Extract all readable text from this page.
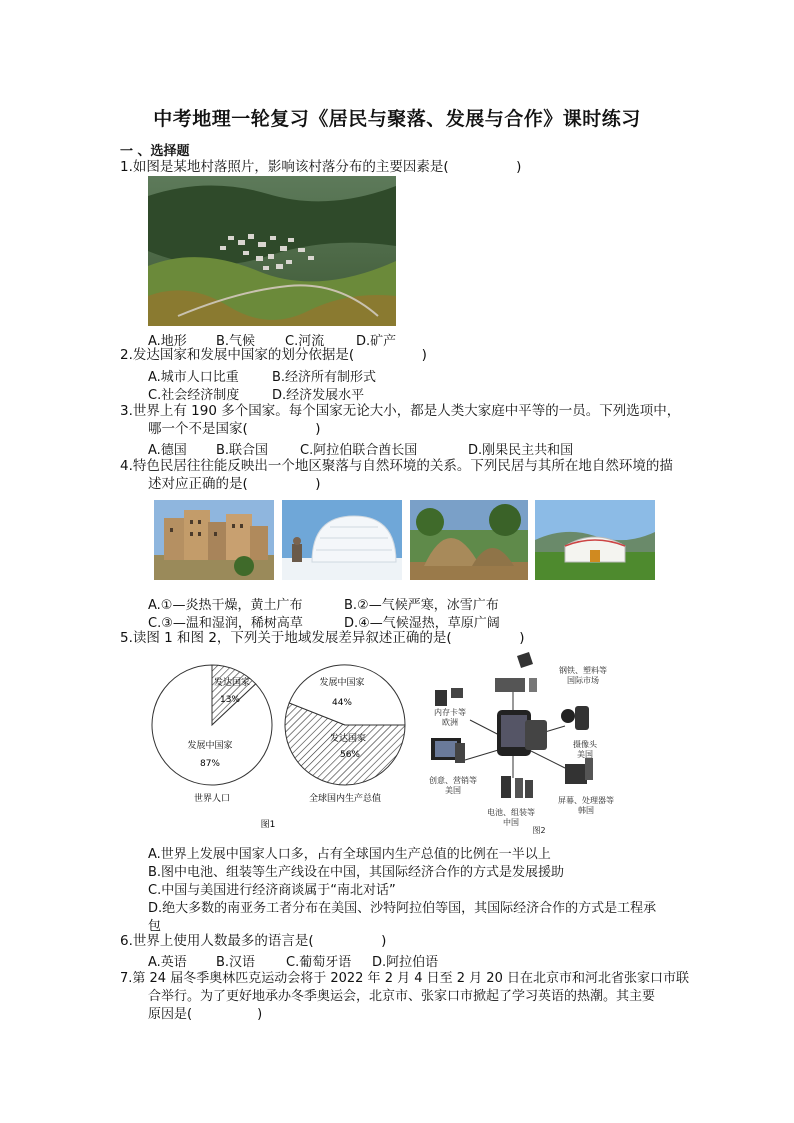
中考地理一轮复习《居民与聚落、发展与合作》课时练习
一 、选择题
1.如图是某地村落照片，影响该村落分布的主要因素是(　　　　　)
A.地形 B.气候 C.河流 D.矿产
2.发达国家和发展中国家的划分依据是(　　　　　)
A.城市人口比重	B.经济所有制形式
C.社会经济制度	D.经济发展水平
3.世界上有 190 多个国家。每个国家无论大小，都是人类大家庭中平等的一员。下列选项中，
哪一个不是国家(　　　　　)
A.德国 B.联合国 C.阿拉伯联合酋长国	D.刚果民主共和国
4.特色民居往往能反映出一个地区聚落与自然环境的关系。下列民居与其所在地自然环境的描
述对应正确的是(　　　　　)
A.①—炎热干燥，黄土广布	B.②—气候严寒，冰雪广布
C.③—温和湿润，稀树高草	D.④—气候湿热，草原广阔
5.读图 1 和图 2，下列关于地域发展差异叙述正确的是(　　　　　)
发达国家
13%
发展中国家
87%
世界人口
发展中国家
44%
发达国家
56%
全球国内生产总值
图1
钢铁、塑料等
国际市场
内存卡等
欧洲
摄像头
美国
创意、营销等
美国
屏幕、处理器等
韩国
电池、组装等
中国
图2
A.世界上发展中国家人口多，占有全球国内生产总值的比例在一半以上
B.图中电池、组装等生产线设在中国，其国际经济合作的方式是发展援助
C.中国与美国进行经济商谈属于“南北对话”
D.绝大多数的南亚务工者分布在美国、沙特阿拉伯等国，其国际经济合作的方式是工程承
包
6.世界上使用人数最多的语言是(　　　　　)
A.英语 B.汉语 C.葡萄牙语 D.阿拉伯语
7.第 24 届冬季奥林匹克运动会将于 2022 年 2 月 4 日至 2 月 20 日在北京市和河北省张家口市联
合举行。为了更好地承办冬季奥运会，北京市、张家口市掀起了学习英语的热潮。其主要
原因是(　　　　　)
